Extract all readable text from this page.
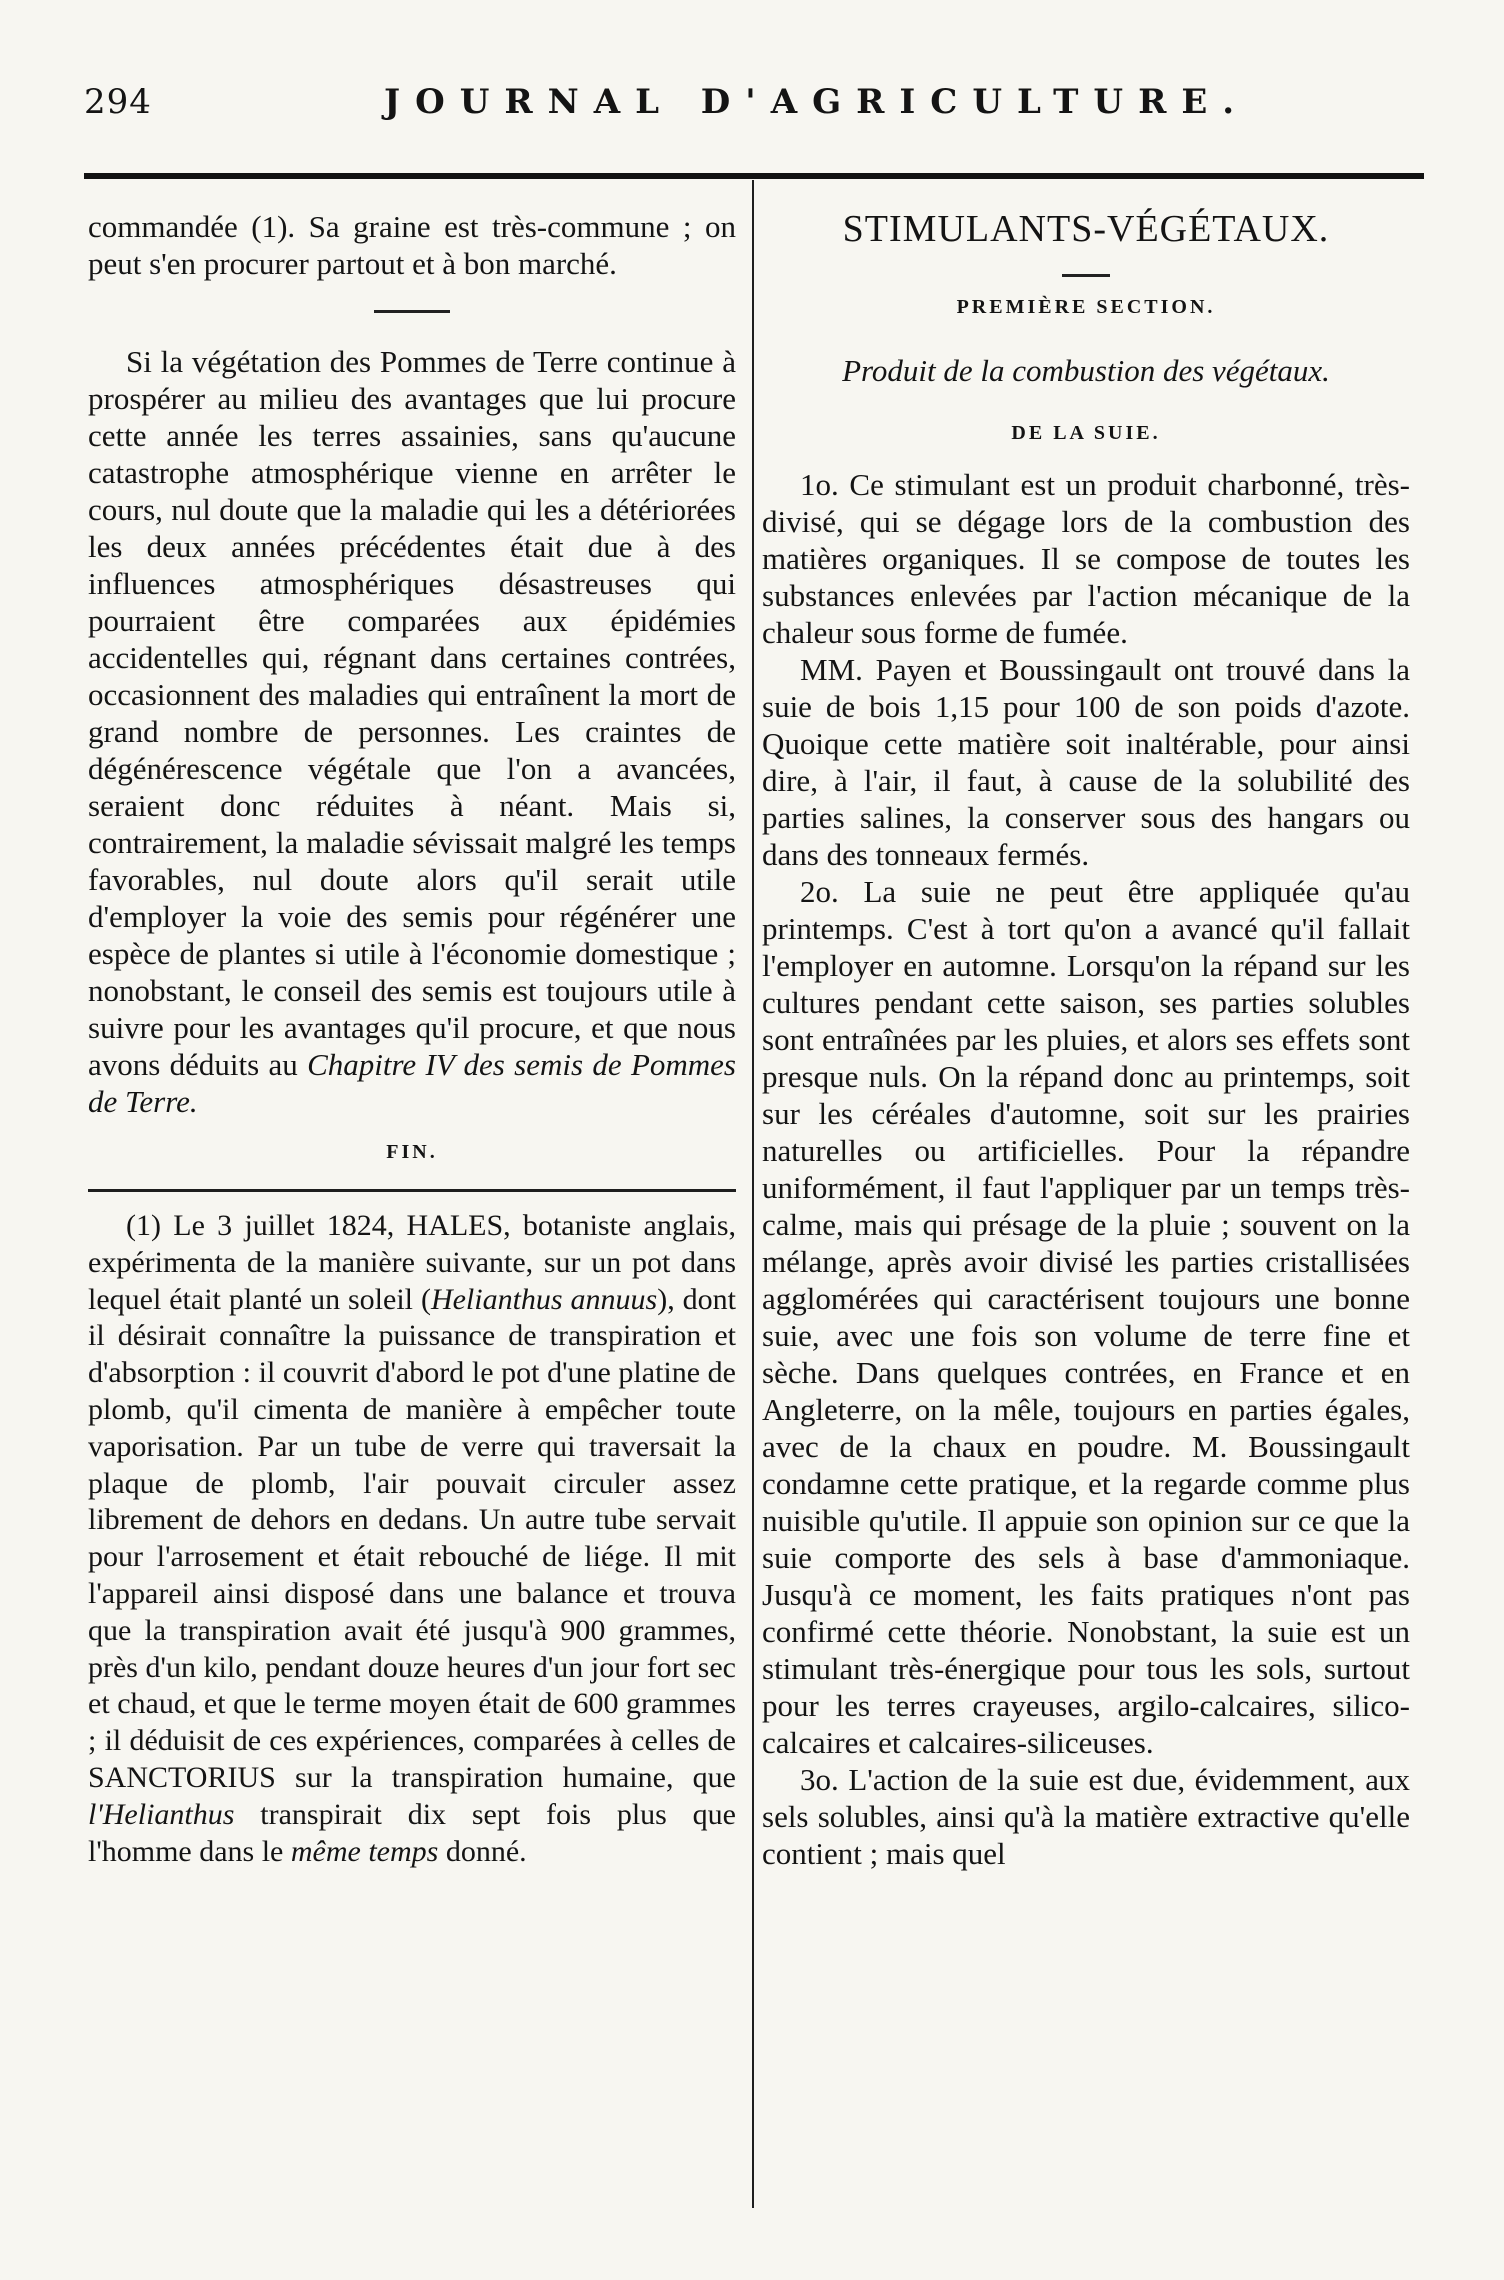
294	JOURNAL D'AGRICULTURE.

commandée (1). Sa graine est très-commune ; on peut s'en procurer partout et à bon marché.

Si la végétation des Pommes de Terre continue à prospérer au milieu des avantages que lui procure cette année les terres assainies, sans qu'aucune catastrophe atmosphérique vienne en arrêter le cours, nul doute que la maladie qui les a détériorées les deux années précédentes était due à des influences atmosphériques désastreuses qui pourraient être comparées aux épidémies accidentelles qui, régnant dans certaines contrées, occasionnent des maladies qui entraînent la mort de grand nombre de personnes. Les craintes de dégénérescence végétale que l'on a avancées, seraient donc réduites à néant. Mais si, contrairement, la maladie sévissait malgré les temps favorables, nul doute alors qu'il serait utile d'employer la voie des semis pour régénérer une espèce de plantes si utile à l'économie domestique ; nonobstant, le conseil des semis est toujours utile à suivre pour les avantages qu'il procure, et que nous avons déduits au Chapitre IV des semis de Pommes de Terre.

FIN.

(1) Le 3 juillet 1824, HALES, botaniste anglais, expérimenta de la manière suivante, sur un pot dans lequel était planté un soleil (Helianthus annuus), dont il désirait connaître la puissance de transpiration et d'absorption : il couvrit d'abord le pot d'une platine de plomb, qu'il cimenta de manière à empêcher toute vaporisation. Par un tube de verre qui traversait la plaque de plomb, l'air pouvait circuler assez librement de dehors en dedans. Un autre tube servait pour l'arrosement et était rebouché de liége. Il mit l'appareil ainsi disposé dans une balance et trouva que la transpiration avait été jusqu'à 900 grammes, près d'un kilo, pendant douze heures d'un jour fort sec et chaud, et que le terme moyen était de 600 grammes ; il déduisit de ces expériences, comparées à celles de SANCTORIUS sur la transpiration humaine, que l'Helianthus transpirait dix sept fois plus que l'homme dans le même temps donné.

STIMULANTS-VÉGÉTAUX.
PREMIÈRE SECTION.
Produit de la combustion des végétaux.
DE LA SUIE.

1o. Ce stimulant est un produit charbonné, très-divisé, qui se dégage lors de la combustion des matières organiques. Il se compose de toutes les substances enlevées par l'action mécanique de la chaleur sous forme de fumée.

MM. Payen et Boussingault ont trouvé dans la suie de bois 1,15 pour 100 de son poids d'azote. Quoique cette matière soit inaltérable, pour ainsi dire, à l'air, il faut, à cause de la solubilité des parties salines, la conserver sous des hangars ou dans des tonneaux fermés.

2o. La suie ne peut être appliquée qu'au printemps. C'est à tort qu'on a avancé qu'il fallait l'employer en automne. Lorsqu'on la répand sur les cultures pendant cette saison, ses parties solubles sont entraînées par les pluies, et alors ses effets sont presque nuls. On la répand donc au printemps, soit sur les céréales d'automne, soit sur les prairies naturelles ou artificielles. Pour la répandre uniformément, il faut l'appliquer par un temps très-calme, mais qui présage de la pluie ; souvent on la mélange, après avoir divisé les parties cristallisées agglomérées qui caractérisent toujours une bonne suie, avec une fois son volume de terre fine et sèche. Dans quelques contrées, en France et en Angleterre, on la mêle, toujours en parties égales, avec de la chaux en poudre. M. Boussingault condamne cette pratique, et la regarde comme plus nuisible qu'utile. Il appuie son opinion sur ce que la suie comporte des sels à base d'ammoniaque. Jusqu'à ce moment, les faits pratiques n'ont pas confirmé cette théorie. Nonobstant, la suie est un stimulant très-énergique pour tous les sols, surtout pour les terres crayeuses, argilo-calcaires, silico-calcaires et calcaires-siliceuses.

3o. L'action de la suie est due, évidemment, aux sels solubles, ainsi qu'à la matière extractive qu'elle contient ; mais quel
